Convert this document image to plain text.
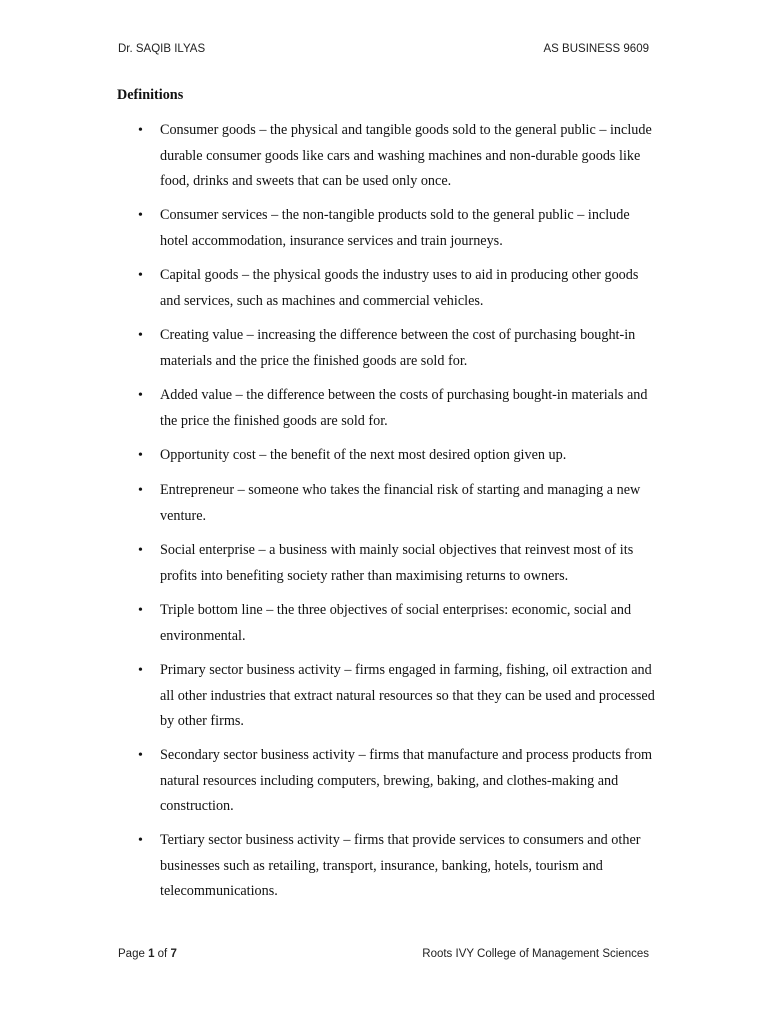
Dr. SAQIB ILYAS	AS BUSINESS 9609
Definitions
• Consumer goods – the physical and tangible goods sold to the general public – include durable consumer goods like cars and washing machines and non-durable goods like food, drinks and sweets that can be used only once.
• Consumer services – the non-tangible products sold to the general public – include hotel accommodation, insurance services and train journeys.
• Capital goods – the physical goods the industry uses to aid in producing other goods and services, such as machines and commercial vehicles.
• Creating value – increasing the difference between the cost of purchasing bought-in materials and the price the finished goods are sold for.
• Added value – the difference between the costs of purchasing bought-in materials and the price the finished goods are sold for.
• Opportunity cost – the benefit of the next most desired option given up.
• Entrepreneur – someone who takes the financial risk of starting and managing a new venture.
• Social enterprise – a business with mainly social objectives that reinvest most of its profits into benefiting society rather than maximising returns to owners.
• Triple bottom line – the three objectives of social enterprises: economic, social and environmental.
• Primary sector business activity – firms engaged in farming, fishing, oil extraction and all other industries that extract natural resources so that they can be used and processed by other firms.
• Secondary sector business activity – firms that manufacture and process products from natural resources including computers, brewing, baking, and clothes-making and construction.
• Tertiary sector business activity – firms that provide services to consumers and other businesses such as retailing, transport, insurance, banking, hotels, tourism and telecommunications.
Page 1 of 7	Roots IVY College of Management Sciences
